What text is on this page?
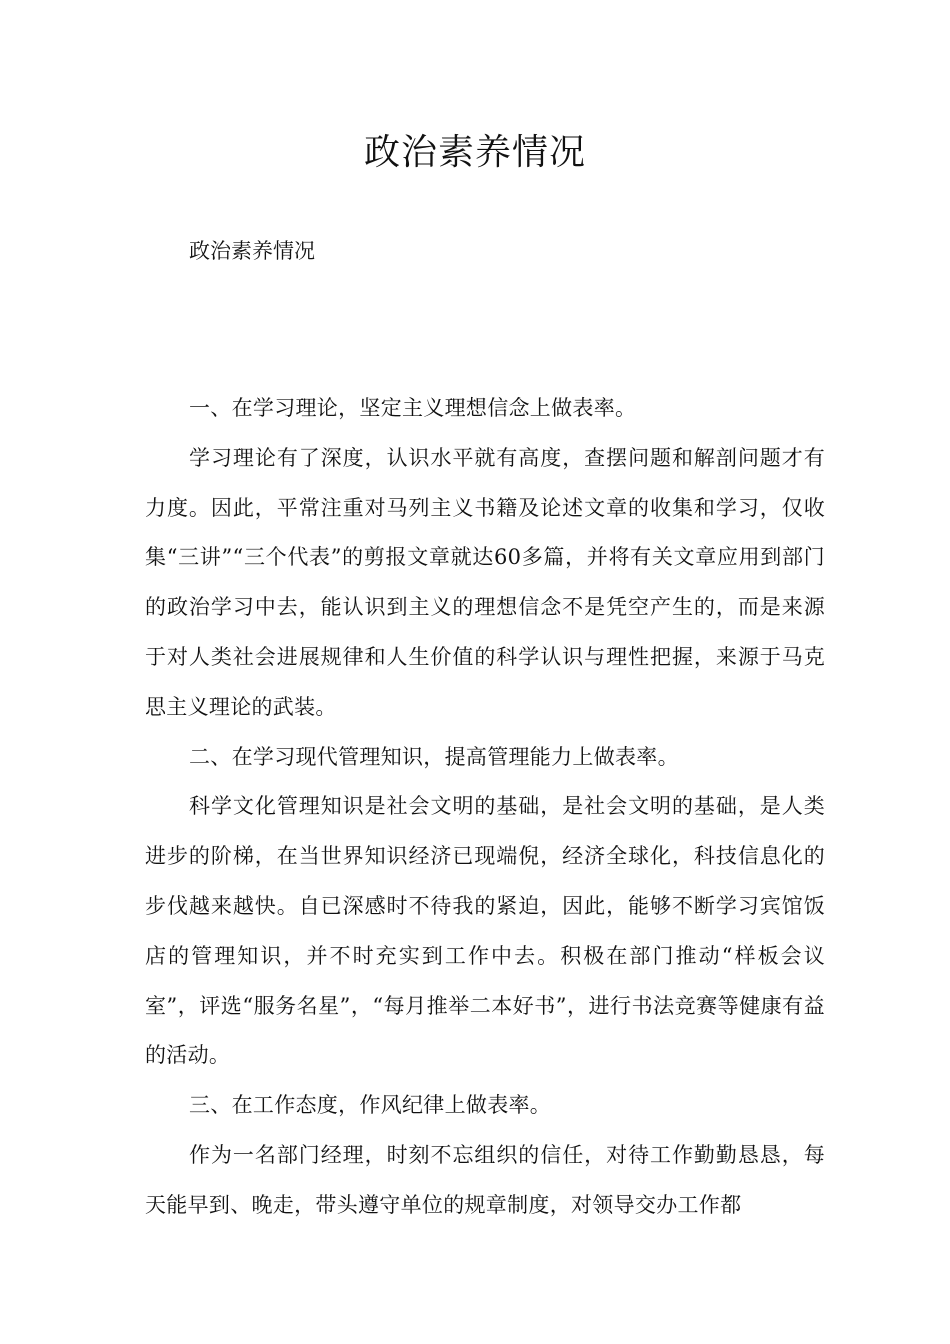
政治素养情况

政治素养情况

一、在学习理论，坚定主义理想信念上做表率。

学习理论有了深度，认识水平就有高度，查摆问题和解剖问题才有力度。因此，平常注重对马列主义书籍及论述文章的收集和学习，仅收集“三讲”“三个代表”的剪报文章就达60多篇，并将有关文章应用到部门的政治学习中去，能认识到主义的理想信念不是凭空产生的，而是来源于对人类社会进展规律和人生价值的科学认识与理性把握，来源于马克思主义理论的武装。

二、在学习现代管理知识，提高管理能力上做表率。

科学文化管理知识是社会文明的基础，是社会文明的基础，是人类进步的阶梯，在当世界知识经济已现端倪，经济全球化，科技信息化的步伐越来越快。自已深感时不待我的紧迫，因此，能够不断学习宾馆饭店的管理知识，并不时充实到工作中去。积极在部门推动“样板会议室”，评选“服务名星”，“每月推举二本好书”，进行书法竞赛等健康有益的活动。

三、在工作态度，作风纪律上做表率。

作为一名部门经理，时刻不忘组织的信任，对待工作勤勤恳恳，每天能早到、晚走，带头遵守单位的规章制度，对领导交办工作都
